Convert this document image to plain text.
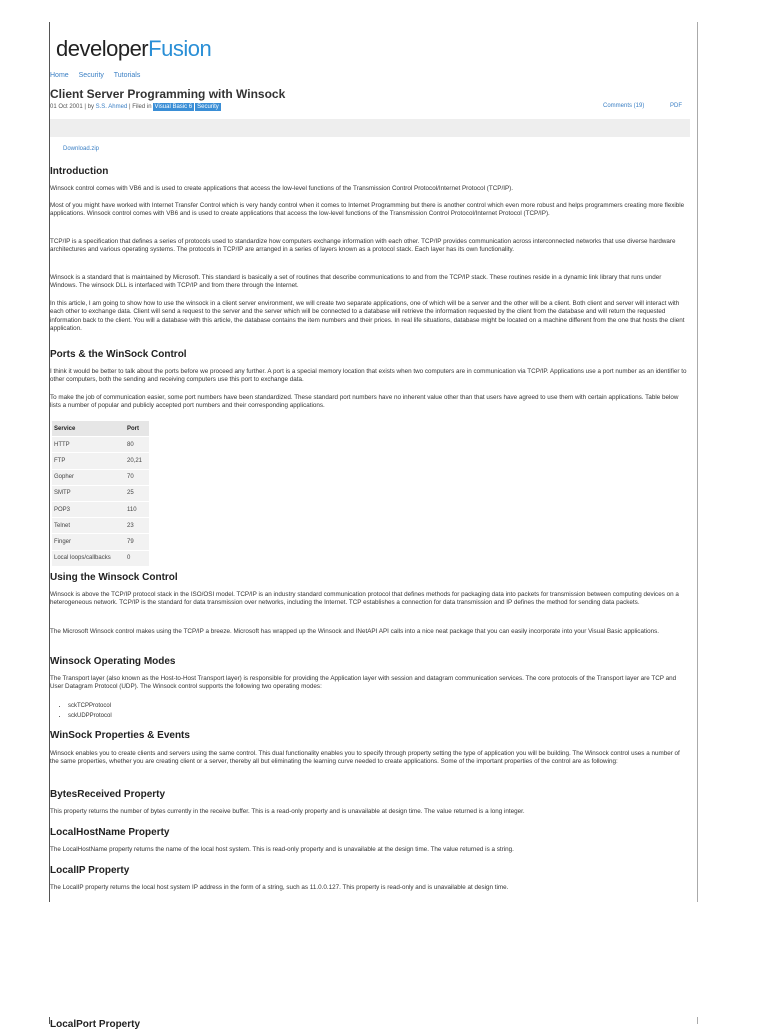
developerFusion
Home Security Tutorials
Client Server Programming with Winsock
01 Oct 2001 | by S.S. Ahmed | Filed in Visual Basic 6 Security	Comments (19)	PDF
Download.zip
Introduction

Winsock control comes with VB6 and is used to create applications that access the low-level functions of the Transmission Control Protocol/Internet Protocol (TCP/IP).

Most of you might have worked with Internet Transfer Control which is very handy control when it comes to Internet Programming but there is another control which even more robust and helps programmers creating more flexible applications. Winsock control comes with VB6 and is used to create applications that access the low-level functions of the Transmission Control Protocol/Internet Protocol (TCP/IP).

TCP/IP is a specification that defines a series of protocols used to standardize how computers exchange information with each other. TCP/IP provides communication across interconnected networks that use diverse hardware architectures and various operating systems. The protocols in TCP/IP are arranged in a series of layers known as a protocol stack. Each layer has its own functionality.

Winsock is a standard that is maintained by Microsoft. This standard is basically a set of routines that describe communications to and from the TCP/IP stack. These routines reside in a dynamic link library that runs under Windows. The winsock DLL is interfaced with TCP/IP and from there through the Internet.

In this article, I am going to show how to use the winsock in a client server environment, we will create two separate applications, one of which will be a server and the other will be a client. Both client and server will interact with each other to exchange data. Client will send a request to the server and the server which will be connected to a database will retrieve the information requested by the client from the database and will return the requested information back to the client. You will a database with this article, the database contains the item numbers and their prices. In real life situations, database might be located on a machine different from the one that hosts the client application.

Ports & the WinSock Control

I think it would be better to talk about the ports before we proceed any further. A port is a special memory location that exists when two computers are in communication via TCP/IP. Applications use a port number as an identifier to other computers, both the sending and receiving computers use this port to exchange data.

To make the job of communication easier, some port numbers have been standardized. These standard port numbers have no inherent value other than that users have agreed to use them with certain applications. Table below lists a number of popular and publicly accepted port numbers and their corresponding applications.

Service	Port
HTTP	80
FTP	20,21
Gopher	70
SMTP	25
POP3	110
Telnet	23
Finger	79
Local loops/callbacks	0
Using the Winsock Control

Winsock is above the TCP/IP protocol stack in the ISO/OSI model. TCP/IP is an industry standard communication protocol that defines methods for packaging data into packets for transmission between computing devices on a heterogeneous network. TCP/IP is the standard for data transmission over networks, including the Internet. TCP establishes a connection for data transmission and IP defines the method for sending data packets.

The Microsoft Winsock control makes using the TCP/IP a breeze. Microsoft has wrapped up the Winsock and INetAPI API calls into a nice neat package that you can easily incorporate into your Visual Basic applications.

Winsock Operating Modes

The Transport layer (also known as the Host-to-Host Transport layer) is responsible for providing the Application layer with session and datagram communication services. The core protocols of the Transport layer are TCP and User Datagram Protocol (UDP). The Winsock control supports the following two operating modes:

• sckTCPProtocol
• sckUDPProtocol
WinSock Properties & Events

Winsock enables you to create clients and servers using the same control. This dual functionality enables you to specify through property setting the type of application you will be building. The Winsock control uses a number of the same properties, whether you are creating client or a server, thereby all but eliminating the learning curve needed to create applications. Some of the important properties of the control are as following:

BytesReceived Property

This property returns the number of bytes currently in the receive buffer. This is a read-only property and is unavailable at design time. The value returned is a long integer.

LocalHostName Property

The LocalHostName property returns the name of the local host system. This is read-only property and is unavailable at the design time. The value returned is a string.

LocalIP Property

The LocalIP property returns the local host system IP address in the form of a string, such as 11.0.0.127. This property is read-only and is unavailable at design time.

LocalPort Property
